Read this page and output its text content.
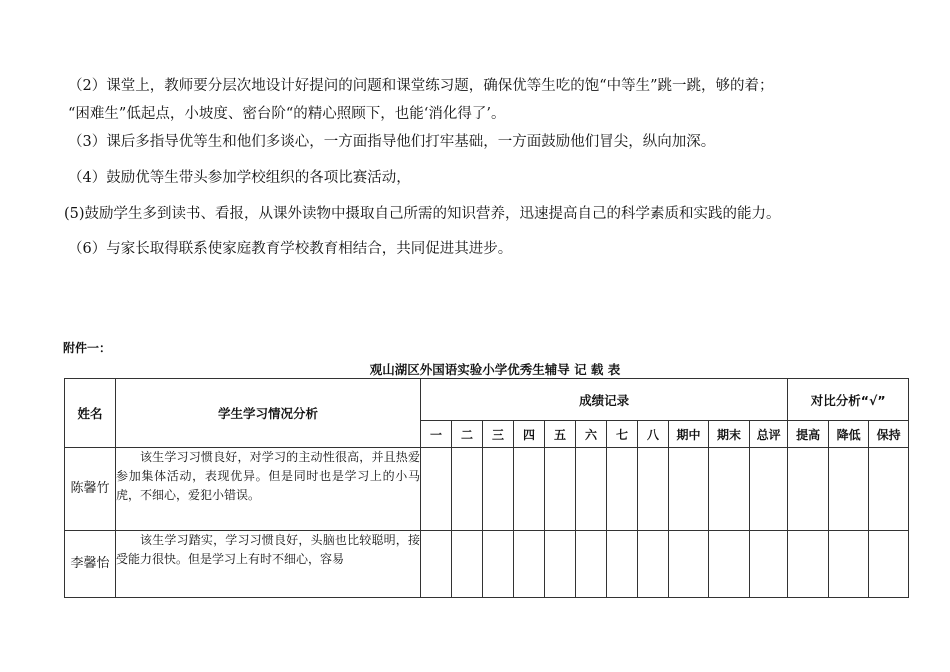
（2）课堂上，教师要分层次地设计好提问的问题和课堂练习题，确保优等生吃的饱“中等生”跳一跳，够的着；
“困难生”低起点，小坡度、密台阶“的精心照顾下，也能‘消化得了’。
（3）课后多指导优等生和他们多谈心，一方面指导他们打牢基础，一方面鼓励他们冒尖，纵向加深。
（4）鼓励优等生带头参加学校组织的各项比赛活动，
(5)鼓励学生多到读书、看报，从课外读物中摄取自己所需的知识营养，迅速提高自己的科学素质和实践的能力。
（6）与家长取得联系使家庭教育学校教育相结合，共同促进其进步。
附件一：
观山湖区外国语实验小学优秀生辅导 记 载 表
姓名	学生学习情况分析	成绩记录											对比分析“√”		
		一	二	三	四	五	六	七	八	期中	期末	总评	提高	降低	保持
陈馨竹	该生学习习惯良好，对学习的主动性很高，并且热爱参加集体活动，表现优异。但是同时也是学习上的小马虎，不细心，爱犯小错误。														
李馨怡	该生学习踏实，学习习惯良好，头脑也比较聪明，接受能力很快。但是学习上有时不细心，容易														
